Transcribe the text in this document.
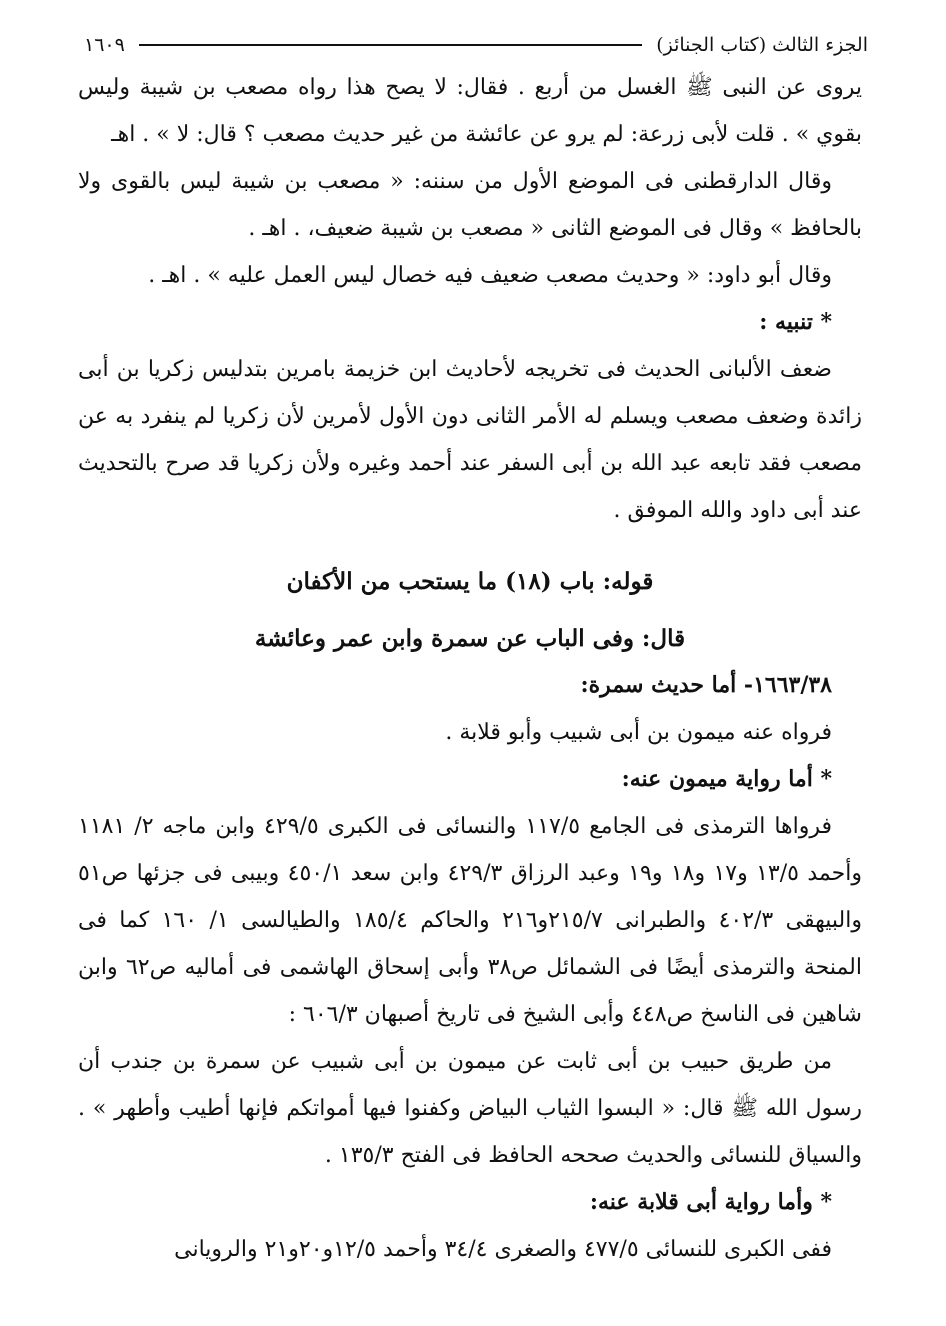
الجزء الثالث (كتاب الجنائز)
١٦٠٩

يروى عن النبى ﷺ الغسل من أربع . فقال: لا يصح هذا رواه مصعب بن شيبة وليس بقوي » . قلت لأبى زرعة: لم يرو عن عائشة من غير حديث مصعب ؟ قال: لا » . اهـ

وقال الدارقطنى فى الموضع الأول من سننه: « مصعب بن شيبة ليس بالقوى ولا بالحافظ » وقال فى الموضع الثانى « مصعب بن شيبة ضعيف، . اهـ .

وقال أبو داود: « وحديث مصعب ضعيف فيه خصال ليس العمل عليه » . اهـ .

* تنبيه :

ضعف الألبانى الحديث فى تخريجه لأحاديث ابن خزيمة بامرين بتدليس زكريا بن أبى زائدة وضعف مصعب ويسلم له الأمر الثانى دون الأول لأمرين لأن زكريا لم ينفرد به عن مصعب فقد تابعه عبد الله بن أبى السفر عند أحمد وغيره ولأن زكريا قد صرح بالتحديث عند أبى داود والله الموفق .

قوله: باب (١٨) ما يستحب من الأكفان

قال: وفى الباب عن سمرة وابن عمر وعائشة

١٦٦٣/٣٨- أما حديث سمرة:

فرواه عنه ميمون بن أبى شبيب وأبو قلابة .

* أما رواية ميمون عنه:

فرواها الترمذى فى الجامع ١١٧/٥ والنسائى فى الكبرى ٤٢٩/٥ وابن ماجه ٢/ ١١٨١ وأحمد ١٣/٥ و١٧ و١٨ و١٩ وعبد الرزاق ٤٢٩/٣ وابن سعد ٤٥٠/١ وبيبى فى جزئها ص٥١ والبيهقى ٤٠٢/٣ والطبرانى ٢١٥/٧و٢١٦ والحاكم ١٨٥/٤ والطيالسى ١/ ١٦٠ كما فى المنحة والترمذى أيضًا فى الشمائل ص٣٨ وأبى إسحاق الهاشمى فى أماليه ص٦٢ وابن شاهين فى الناسخ ص٤٤٨ وأبى الشيخ فى تاريخ أصبهان ٦٠٦/٣ :

من طريق حبيب بن أبى ثابت عن ميمون بن أبى شبيب عن سمرة بن جندب أن رسول الله ﷺ قال: « البسوا الثياب البياض وكفنوا فيها أمواتكم فإنها أطيب وأطهر » . والسياق للنسائى والحديث صححه الحافظ فى الفتح ١٣٥/٣ .

* وأما رواية أبى قلابة عنه:

ففى الكبرى للنسائى ٤٧٧/٥ والصغرى ٣٤/٤ وأحمد ١٢/٥و٢٠و٢١ والرويانى
